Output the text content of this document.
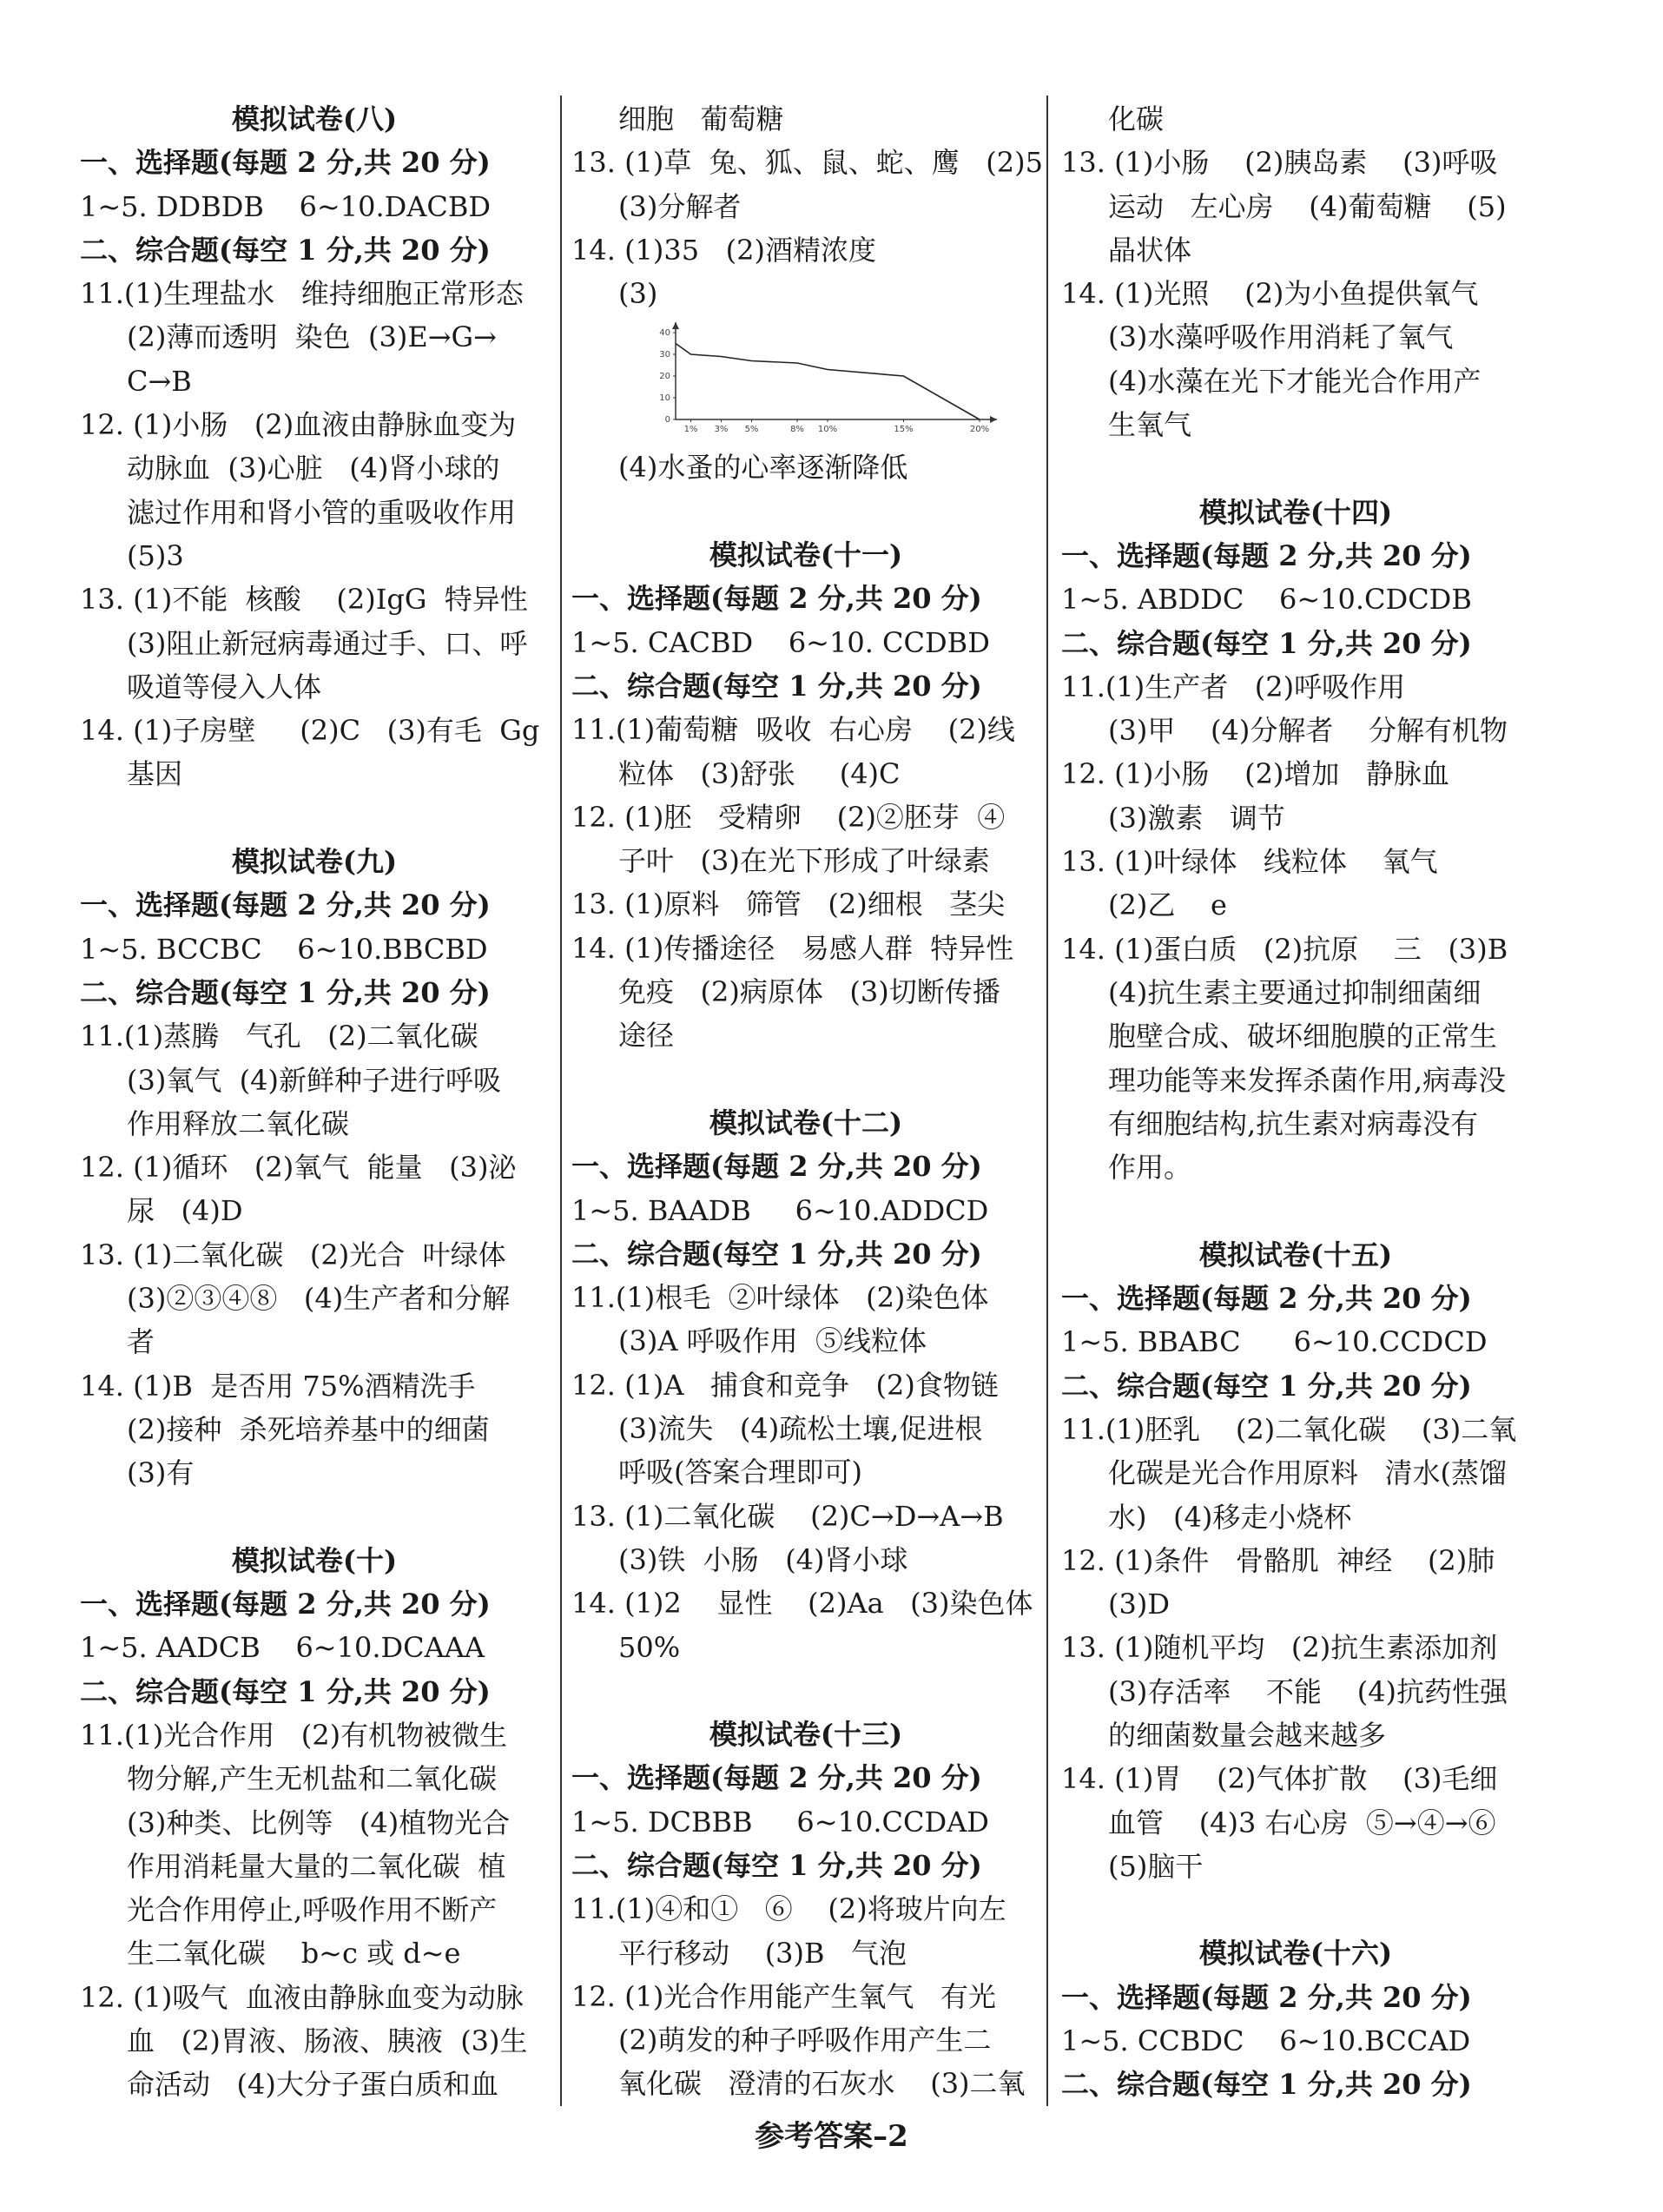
模拟试卷(八)
一、选择题(每题 2 分,共 20 分)
1~5. DDBDB    6~10.DACBD
二、综合题(每空 1 分,共 20 分)
11.(1)生理盐水   维持细胞正常形态
(2)薄而透明  染色  (3)E→G→
C→B
12. (1)小肠   (2)血液由静脉血变为
动脉血  (3)心脏   (4)肾小球的
滤过作用和肾小管的重吸收作用
(5)3
13. (1)不能  核酸    (2)IgG  特异性
(3)阻止新冠病毒通过手、口、呼
吸道等侵入人体
14. (1)子房壁     (2)C   (3)有毛  Gg
基因
模拟试卷(九)
一、选择题(每题 2 分,共 20 分)
1~5. BCCBC    6~10.BBCBD
二、综合题(每空 1 分,共 20 分)
11.(1)蒸腾   气孔   (2)二氧化碳
(3)氧气  (4)新鲜种子进行呼吸
作用释放二氧化碳
12. (1)循环   (2)氧气  能量   (3)泌
尿   (4)D
13. (1)二氧化碳   (2)光合  叶绿体
(3)②③④⑧   (4)生产者和分解
者
14. (1)B  是否用 75%酒精洗手
(2)接种  杀死培养基中的细菌
(3)有
模拟试卷(十)
一、选择题(每题 2 分,共 20 分)
1~5. AADCB    6~10.DCAAA
二、综合题(每空 1 分,共 20 分)
11.(1)光合作用   (2)有机物被微生
物分解,产生无机盐和二氧化碳
(3)种类、比例等   (4)植物光合
作用消耗量大量的二氧化碳  植
光合作用停止,呼吸作用不断产
生二氧化碳    b~c 或 d~e
12. (1)吸气  血液由静脉血变为动脉
血   (2)胃液、肠液、胰液  (3)生
命活动   (4)大分子蛋白质和血
细胞   葡萄糖
13. (1)草  兔、狐、鼠、蛇、鹰   (2)5
(3)分解者
14. (1)35   (2)酒精浓度
(3)
0
10
20
30
40
1% 3% 5%	8% 10%	15%	20%
(4)水蚤的心率逐渐降低
模拟试卷(十一)
一、选择题(每题 2 分,共 20 分)
1~5. CACBD    6~10. CCDBD
二、综合题(每空 1 分,共 20 分)
11.(1)葡萄糖  吸收  右心房    (2)线
粒体   (3)舒张     (4)C
12. (1)胚   受精卵    (2)②胚芽  ④
子叶   (3)在光下形成了叶绿素
13. (1)原料   筛管   (2)细根   茎尖
14. (1)传播途径   易感人群  特异性
免疫   (2)病原体   (3)切断传播
途径
模拟试卷(十二)
一、选择题(每题 2 分,共 20 分)
1~5. BAADB     6~10.ADDCD
二、综合题(每空 1 分,共 20 分)
11.(1)根毛  ②叶绿体   (2)染色体
(3)A 呼吸作用  ⑤线粒体
12. (1)A   捕食和竞争   (2)食物链
(3)流失   (4)疏松土壤,促进根
呼吸(答案合理即可)
13. (1)二氧化碳    (2)C→D→A→B
(3)铁  小肠   (4)肾小球
14. (1)2    显性    (2)Aa   (3)染色体
50%
模拟试卷(十三)
一、选择题(每题 2 分,共 20 分)
1~5. DCBBB     6~10.CCDAD
二、综合题(每空 1 分,共 20 分)
11.(1)④和①   ⑥    (2)将玻片向左
平行移动    (3)B   气泡
12. (1)光合作用能产生氧气   有光
(2)萌发的种子呼吸作用产生二
氧化碳   澄清的石灰水    (3)二氧
化碳
13. (1)小肠    (2)胰岛素    (3)呼吸
运动   左心房    (4)葡萄糖    (5)
晶状体
14. (1)光照    (2)为小鱼提供氧气
(3)水藻呼吸作用消耗了氧气
(4)水藻在光下才能光合作用产
生氧气
模拟试卷(十四)
一、选择题(每题 2 分,共 20 分)
1~5. ABDDC    6~10.CDCDB
二、综合题(每空 1 分,共 20 分)
11.(1)生产者   (2)呼吸作用
(3)甲    (4)分解者    分解有机物
12. (1)小肠    (2)增加   静脉血
(3)激素   调节
13. (1)叶绿体   线粒体    氧气
(2)乙    e
14. (1)蛋白质   (2)抗原    三   (3)B
(4)抗生素主要通过抑制细菌细
胞壁合成、破坏细胞膜的正常生
理功能等来发挥杀菌作用,病毒没
有细胞结构,抗生素对病毒没有
作用。
模拟试卷(十五)
一、选择题(每题 2 分,共 20 分)
1~5. BBABC      6~10.CCDCD
二、综合题(每空 1 分,共 20 分)
11.(1)胚乳    (2)二氧化碳    (3)二氧
化碳是光合作用原料   清水(蒸馏
水)   (4)移走小烧杯
12. (1)条件   骨骼肌  神经    (2)肺
(3)D
13. (1)随机平均   (2)抗生素添加剂
(3)存活率    不能    (4)抗药性强
的细菌数量会越来越多
14. (1)胃    (2)气体扩散    (3)毛细
血管    (4)3 右心房  ⑤→④→⑥
(5)脑干
模拟试卷(十六)
一、选择题(每题 2 分,共 20 分)
1~5. CCBDC    6~10.BCCAD
二、综合题(每空 1 分,共 20 分)
参考答案–2
